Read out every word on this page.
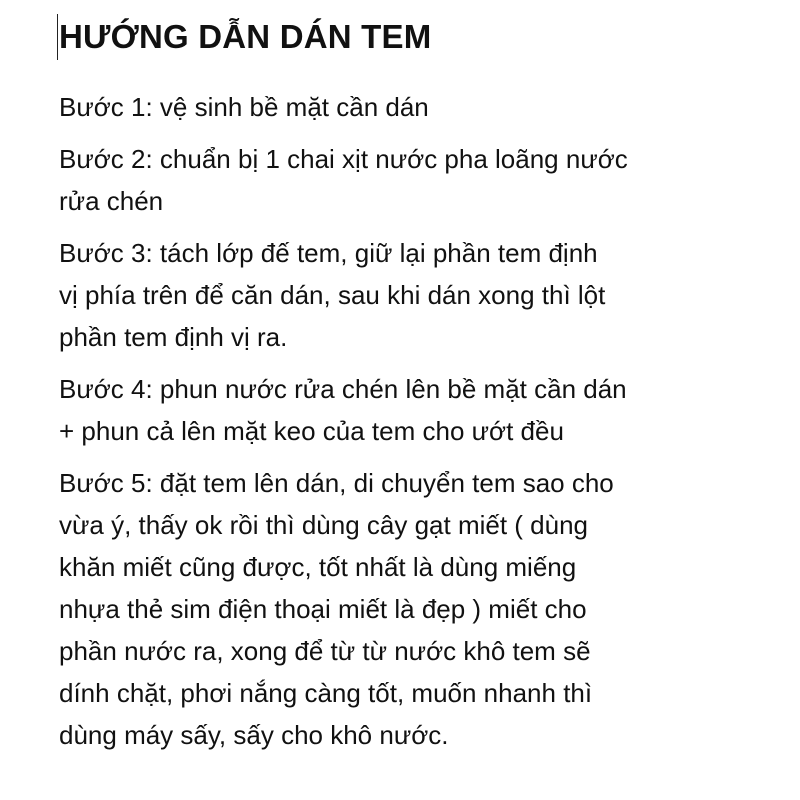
HƯỚNG DẪN DÁN TEM

Bước 1: vệ sinh bề mặt cần dán

Bước 2: chuẩn bị 1 chai xịt nước pha loãng nước
rửa chén

Bước 3: tách lớp đế tem, giữ lại phần tem định
vị phía trên để căn dán, sau khi dán xong thì lột
phần tem định vị ra.

Bước 4: phun nước rửa chén lên bề mặt cần dán
+ phun cả lên mặt keo của tem cho ướt đều

Bước 5: đặt tem lên dán, di chuyển tem sao cho
vừa ý, thấy ok rồi thì dùng cây gạt miết ( dùng
khăn miết cũng được, tốt nhất là dùng miếng
nhựa thẻ sim điện thoại miết là đẹp ) miết cho
phần nước ra, xong để từ từ nước khô tem sẽ
dính chặt, phơi nắng càng tốt, muốn nhanh thì
dùng máy sấy, sấy cho khô nước.
